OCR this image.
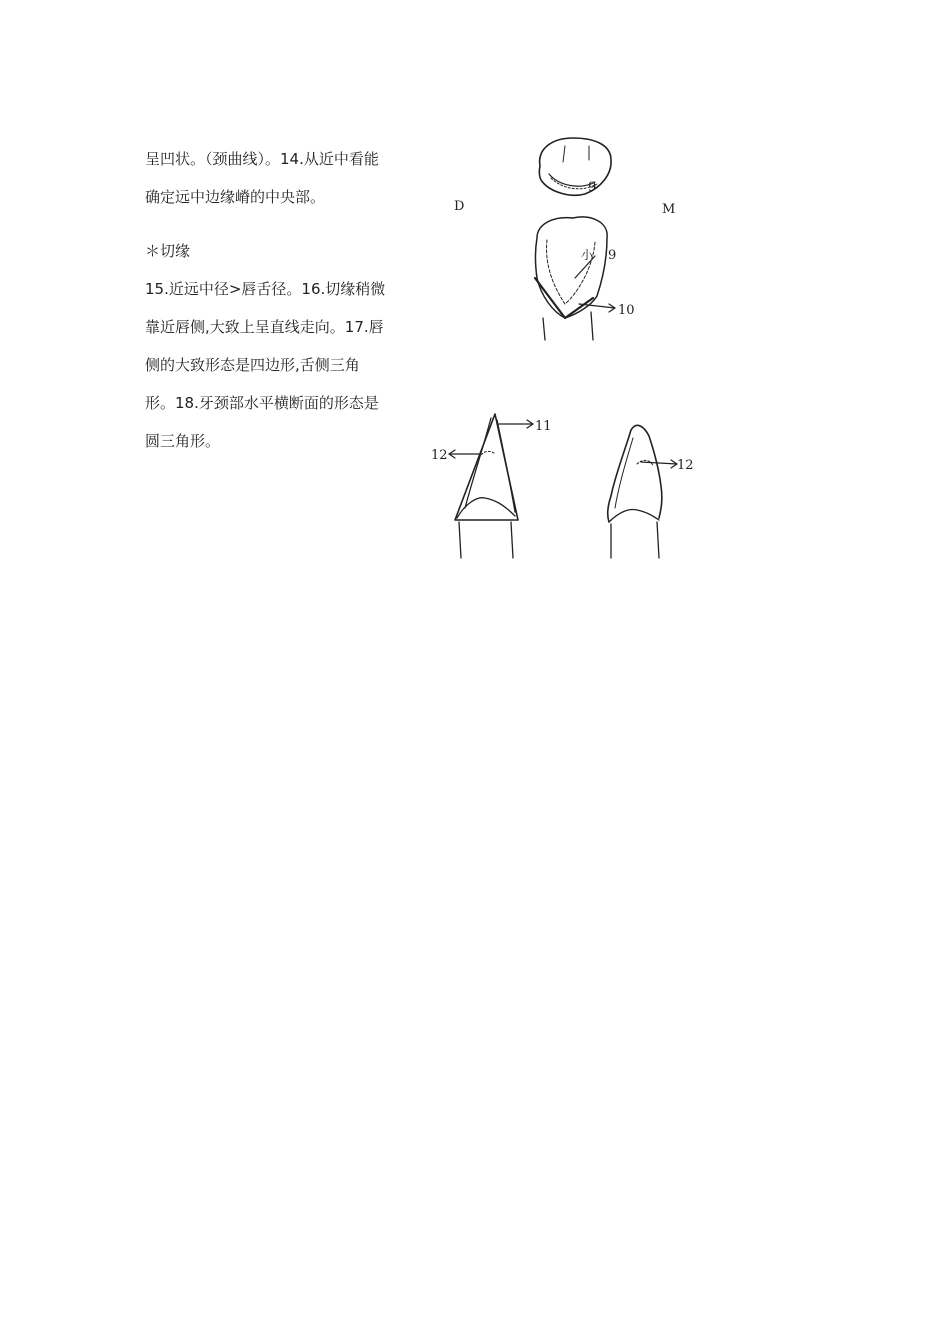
呈凹状。（颈曲线）。14.从近中看能
确定远中边缘嵴的中央部。
＊切缘
15.近远中径>唇舌径。16.切缘稍微
靠近唇侧,大致上呈直线走向。17.唇
侧的大致形态是四边形,舌侧三角
形。18.牙颈部水平横断面的形态是
圆三角形。
9
D	M
小 9
10
11
12
12
